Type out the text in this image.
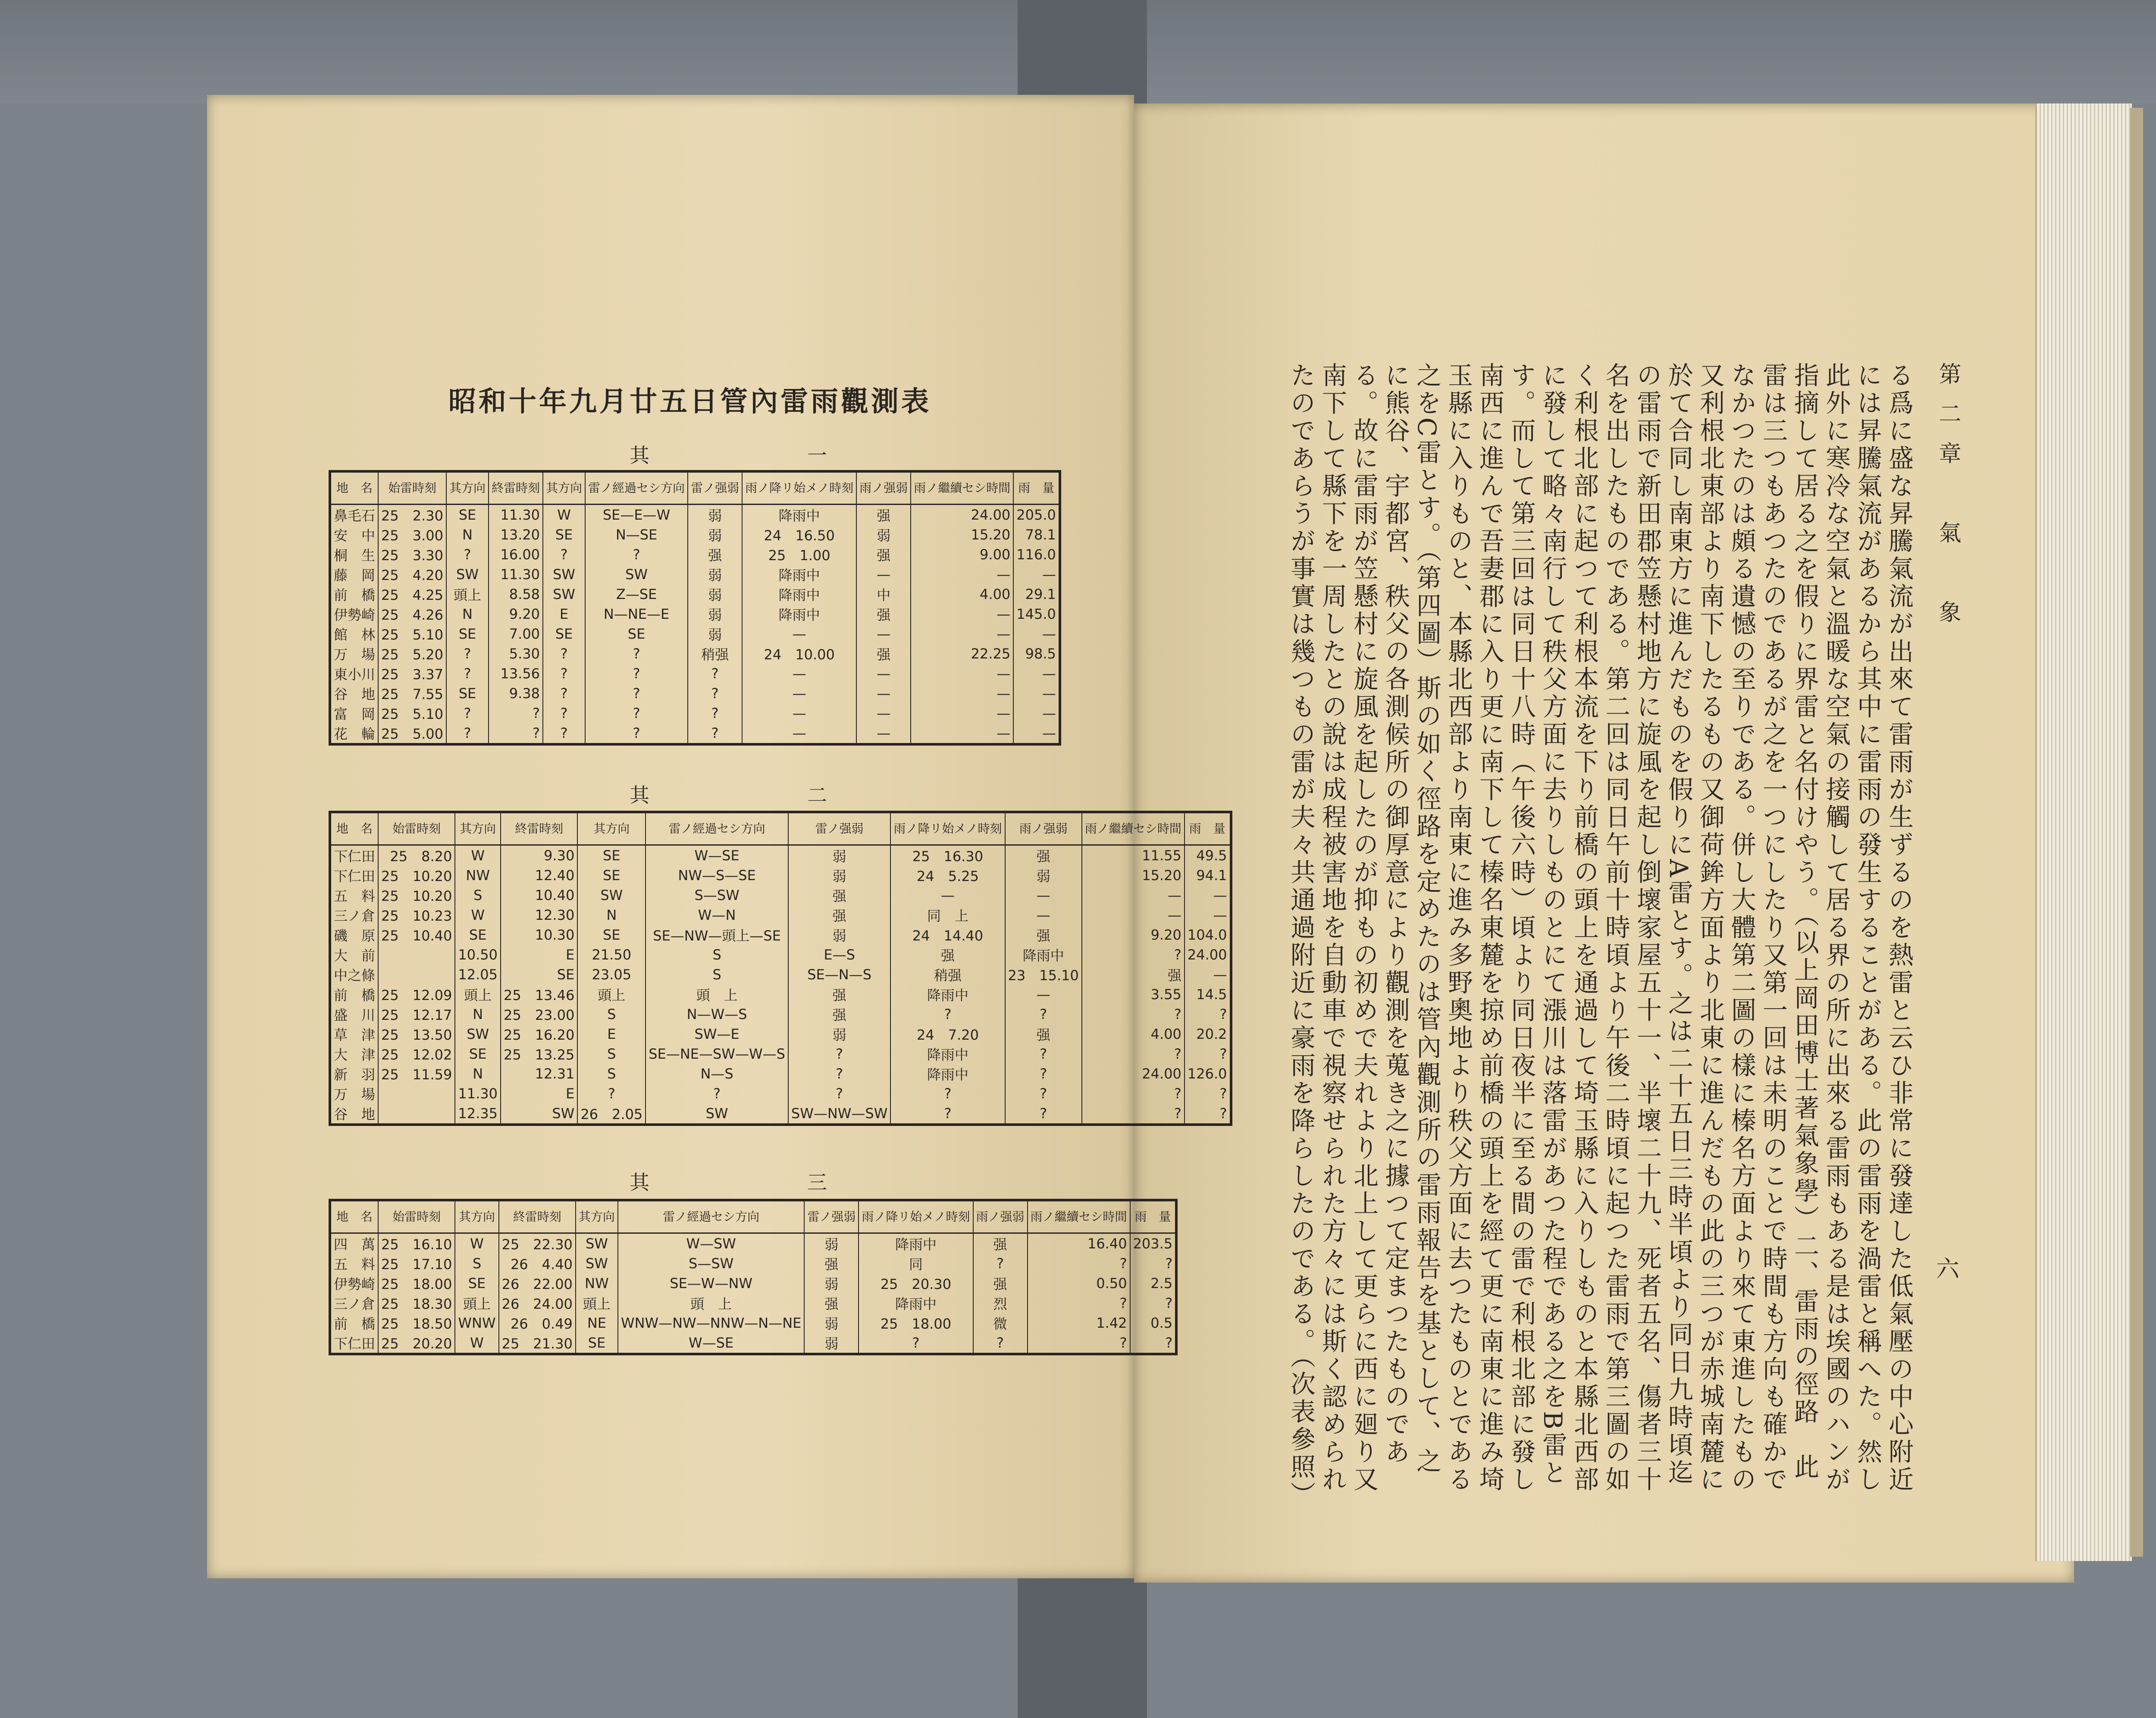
昭和十年九月廿五日管內雷雨觀測表
其　一
地　名	始雷時刻	其方向	終雷時刻	其方向	雷ノ經過セシ方向	雷ノ强弱	雨ノ降リ始メノ時刻	雨ノ强弱	雨ノ繼續セシ時間	雨　量
鼻毛石	25　2.30	SE	11.30	W	SE—E—W	弱	降雨中	强	24.00	205.0
安　中	25　3.00	N	13.20	SE	N—SE	弱	24　16.50	弱	15.20	78.1
桐　生	25　3.30	?	16.00	?	?	强	25　1.00	强	9.00	116.0
藤　岡	25　4.20	SW	11.30	SW	SW	弱	降雨中	—	—	—
前　橋	25　4.25	頭上	8.58	SW	Z—SE	弱	降雨中	中	4.00	29.1
伊勢崎	25　4.26	N	9.20	E	N—NE—E	弱	降雨中	强	—	145.0
館　林	25　5.10	SE	7.00	SE	SE	弱	—	—	—	—
万　場	25　5.20	?	5.30	?	?	稍强	24　10.00	强	22.25	98.5
東小川	25　3.37	?	13.56	?	?	?	—	—	—	—
谷　地	25　7.55	SE	9.38	?	?	?	—	—	—	—
富　岡	25　5.10	?	?	?	?	?	—	—	—	—
花　輪	25　5.00	?	?	?	?	?	—	—	—	—
其　二
地　名	始雷時刻	其方向	終雷時刻	其方向	雷ノ經過セシ方向	雷ノ强弱	雨ノ降リ始メノ時刻	雨ノ强弱	雨ノ繼續セシ時間	雨　量
下仁田	25　8.20	W	9.30	SE	W—SE	弱	25　16.30	强	11.55	49.5
下仁田	25　10.20	NW	12.40	SE	NW—S—SE	弱	24　5.25	弱	15.20	94.1
五　料	25　10.20	S	10.40	SW	S—SW	强	—	—	—	—
三ノ倉	25　10.23	W	12.30	N	W—N	强	同　上	—	—	—
磯　原	25　10.40	SE	10.30	SE	SE—NW—頭上—SE	弱	24　14.40	强	9.20	104.0
大　前		10.50	E	21.50	S	E—S	强	降雨中	?	24.00
中之條		12.05	SE	23.05	S	SE—N—S	稍强	23　15.10	强	—
前　橋	25　12.09	頭上	25　13.46	頭上	頭　上	强	降雨中	—	3.55	14.5
盛　川	25　12.17	N	25　23.00	S	N—W—S	强	?	?	?	?
草　津	25　13.50	SW	25　16.20	E	SW—E	弱	24　7.20	强	4.00	20.2
大　津	25　12.02	SE	25　13.25	S	SE—NE—SW—W—S	?	降雨中	?	?	?
新　羽	25　11.59	N	12.31	S	N—S	?	降雨中	?	24.00	126.0
万　場		11.30	E	?	?	?	?	?	?	?
谷　地		12.35	SW	26　2.05	SW	SW—NW—SW	?	?	?	?
其　三
地　名	始雷時刻	其方向	終雷時刻	其方向	雷ノ經過セシ方向	雷ノ强弱	雨ノ降リ始メノ時刻	雨ノ强弱	雨ノ繼續セシ時間	雨　量
四　萬	25　16.10	W	25　22.30	SW	W—SW	弱	降雨中	强	16.40	203.5
五　料	25　17.10	S	26　4.40	SW	S—SW	强	同	?	?	?
伊勢崎	25　18.00	SE	26　22.00	NW	SE—W—NW	弱	25　20.30	强	0.50	2.5
三ノ倉	25　18.30	頭上	26　24.00	頭上	頭　上	强	降雨中	烈	?	?
前　橋	25　18.50	WNW	26　0.49	NE	WNW—NW—NNW—N—NE	弱	25　18.00	微	1.42	0.5
下仁田	25　20.20	W	25　21.30	SE	W—SE	弱	?	?	?	?
第二章　氣　象
六
る爲に盛な昇騰氣流が出來て雷雨が生ずるのを熱雷と云ひ非常に發達した低氣壓の中心附近には昇騰氣流があるから其中に雷雨の發生することがある。此の雷雨を渦雷と稱へた。然し此外に寒冷な空氣と溫暖な空氣の接觸して居る界の所に出來る雷雨もある是は埃國のハンが指摘して居る之を假りに界雷と名付けやう。（以上岡田博士著氣象學）二、雷雨の徑路　此雷は三つもあつたのであるが之を一つにしたり又第一回は未明のことで時間も方向も確かでなかつたのは頗る遺憾の至りである。併し大體第二圖の樣に榛名方面より來て東進したもの又利根北東部より南下したるもの又御荷鉾方面より北東に進んだもの此の三つが赤城南麓に於て合同し南東方に進んだものを假りにA雷とす。之は二十五日三時半頃より同日九時頃迄の雷雨で新田郡笠懸村地方に旋風を起し倒壞家屋五十一、半壞二十九、死者五名、傷者三十名を出したものである。第二回は同日午前十時頃より午後二時頃に起つた雷雨で第三圖の如く利根北部に起つて利根本流を下り前橋の頭上を通過して埼玉縣に入りしものと本縣北西部に發して略々南行して秩父方面に去りしものとにて漲川は落雷があつた程である之をB雷とす。而して第三回は同日十八時（午後六時）頃より同日夜半に至る間の雷で利根北部に發し南西に進んで吾妻郡に入り更に南下して榛名東麓を掠め前橋の頭上を經て更に南東に進み埼玉縣に入りものと、本縣北西部より南東に進み多野奧地より秩父方面に去つたものとである之をC雷とす。（第四圖）斯の如く徑路を定めたのは管內觀測所の雷雨報告を基として、之に熊谷、宇都宮、秩父の各測候所の御厚意により觀測を蒐き之に據つて定まつたものである。故に雷雨が笠懸村に旋風を起したのが抑もの初めで夫れより北上して更らに西に廻り又南下して縣下を一周したとの說は成程被害地を自動車で視察せられた方々には斯く認められたのであらうが事實は幾つもの雷が夫々共通過附近に豪雨を降らしたのである。（次表參照）
